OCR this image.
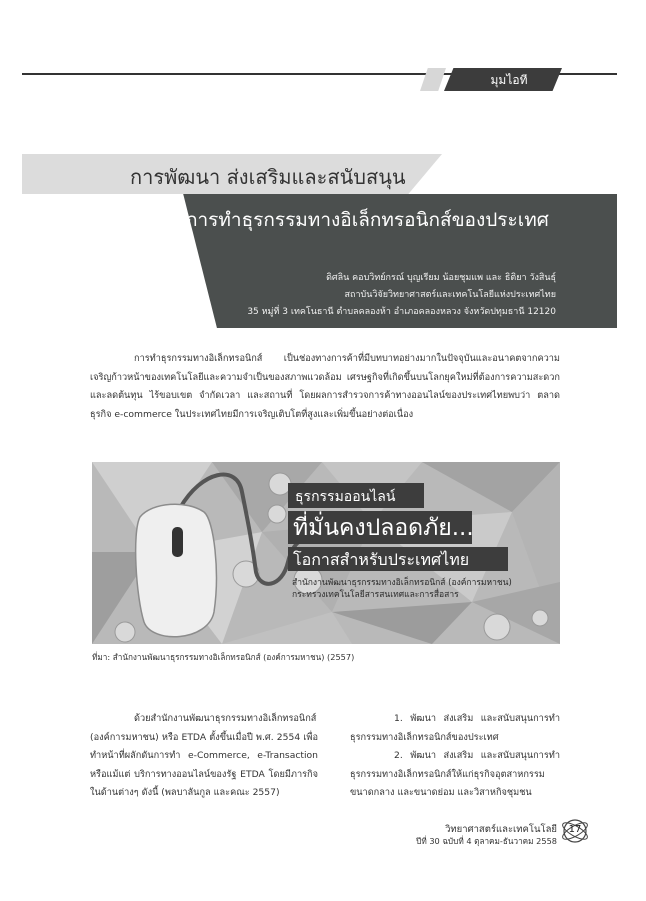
มุมไอที
การพัฒนา ส่งเสริมและสนับสนุน
การทำธุรกรรมทางอิเล็กทรอนิกส์ของประเทศ
ดิศลิน คอบวิทย์กรณ์ บุญเรียม น้อยชุมแพ และ ธิติยา วังสินธุ์
สถาบันวิจัยวิทยาศาสตร์และเทคโนโลยีแห่งประเทศไทย
35 หมู่ที่ 3 เทคโนธานี ตำบลคลองห้า อำเภอคลองหลวง จังหวัดปทุมธานี 12120
การทำธุรกรรมทางอิเล็กทรอนิกส์ เป็นช่องทางการค้าที่มีบทบาทอย่างมากในปัจจุบันและอนาคตจากความเจริญก้าวหน้าของเทคโนโลยีและความจำเป็นของสภาพแวดล้อม เศรษฐกิจที่เกิดขึ้นบนโลกยุคใหม่ที่ต้องการความสะดวกและลดต้นทุน ไร้ขอบเขต จำกัดเวลา และสถานที่ โดยผลการสำรวจการค้าทางออนไลน์ของประเทศไทยพบว่า ตลาดธุรกิจ e-commerce ในประเทศไทยมีการเจริญเติบโตที่สูงและเพิ่มขึ้นอย่างต่อเนื่อง
ธุรกรรมออนไลน์
ที่มั่นคงปลอดภัย...
โอกาสสำหรับประเทศไทย
สำนักงานพัฒนาธุรกรรมทางอิเล็กทรอนิกส์ (องค์การมหาชน)
กระทรวงเทคโนโลยีสารสนเทศและการสื่อสาร
ที่มา: สำนักงานพัฒนาธุรกรรมทางอิเล็กทรอนิกส์ (องค์การมหาชน) (2557)
ด้วยสำนักงานพัฒนาธุรกรรมทางอิเล็กทรอนิกส์ (องค์การมหาชน) หรือ ETDA ตั้งขึ้นเมื่อปี พ.ศ. 2554 เพื่อทำหน้าที่ผลักดันการทำ e-Commerce, e-Transaction หรือแม้แต่ บริการทางออนไลน์ของรัฐ ETDA โดยมีภารกิจในด้านต่างๆ ดังนี้ (พลบาลันกูล และคณะ 2557)

1. พัฒนา ส่งเสริม และสนับสนุนการทำธุรกรรมทางอิเล็กทรอนิกส์ของประเทศ

2. พัฒนา ส่งเสริม และสนับสนุนการทำธุรกรรมทางอิเล็กทรอนิกส์ให้แก่ธุรกิจอุตสาหกรรมขนาดกลาง และขนาดย่อม และวิสาหกิจชุมชน

วิทยาศาสตร์และเทคโนโลยี
ปีที่ 30 ฉบับที่ 4 ตุลาคม-ธันวาคม 2558
17
